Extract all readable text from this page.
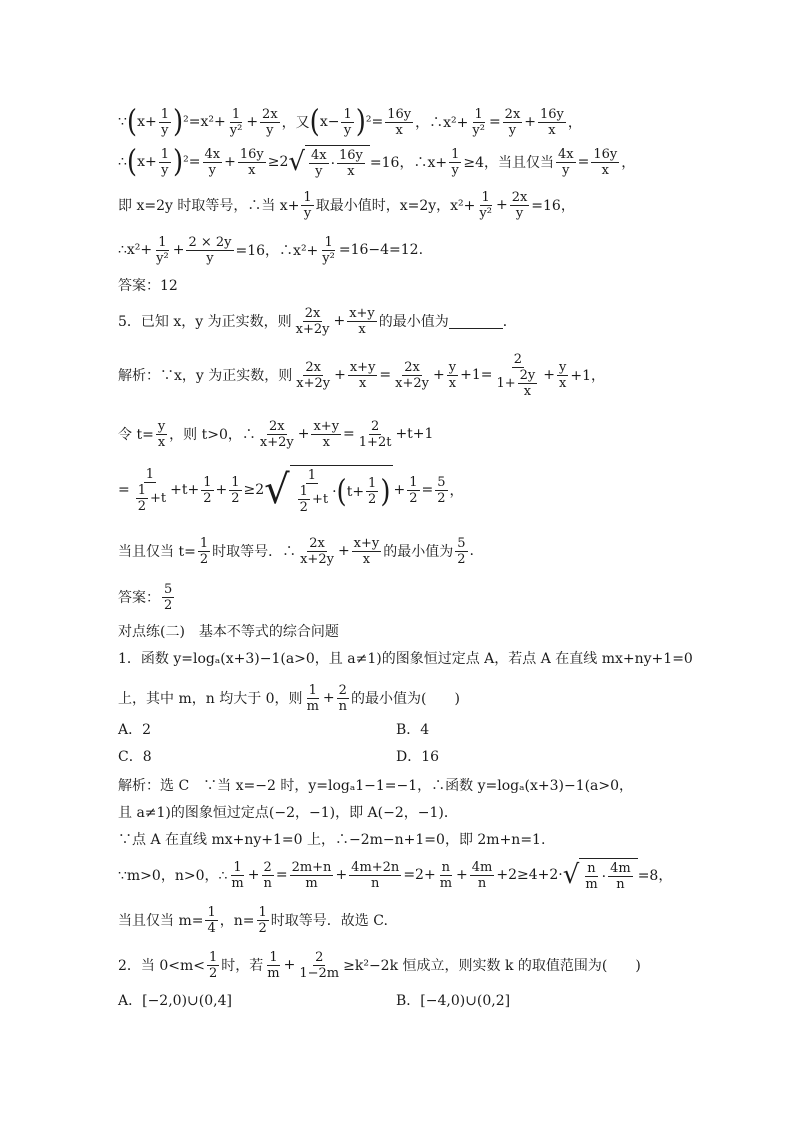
∵ ( $x+ \frac{1}{y}$ ) $^2=x^2+ \frac{1}{\text{y²}} + \frac{2x}{y}$ ，又 ( $x- \frac{1}{y}$ ) $^2= \frac{16y}{x}$ ，∴x²+ $\frac{1}{\text{y²}} = \frac{2x}{y} + \frac{16y}{x}$ ，
∴ ( $x+ \frac{1}{y}$ ) $^2= \frac{4x}{y} + \frac{16y}{x} \ge 2$ √ $\frac{4x}{y} \cdot \frac{16y}{x} =16$，∴x+ $\frac{1}{y} \ge 4$，当且仅当 $\frac{4x}{y} = \frac{16y}{x}$ ，
即 x=2y 时取等号，∴当 $x+ \frac{1}{y}$ 取最小值时，x=2y，$x^2+ \frac{1}{\text{y²}} + \frac{2x}{y} =16$，
∴x²+ $\frac{1}{\text{y²}} + \frac{2 \times 2y}{y} =16$，∴x²+ $\frac{1}{\text{y²}} =16-4=12$.
答案：12
5．已知 x，y 为正实数，则 $\frac{2x}{x+2y} + \frac{x+y}{x}$ 的最小值为	．
解析：∵x，y 为正实数，则 $\frac{2x}{x+2y} + \frac{x+y}{x} = \frac{2x}{x+2y} + \frac{y}{x} +1= \frac{2}{1+ \frac{2y}{x}} + \frac{y}{x} +1$，
令 $t= \frac{y}{x}$ ，则 t>0，∴ $\frac{2x}{x+2y} + \frac{x+y}{x} = \frac{2}{1+2t} +t+1$
= $\frac{1}{\frac{1}{2} +t} +t+ \frac{1}{2} + \frac{1}{2} \ge 2$ √ $\frac{1}{\frac{1}{2} +t}$ · ( $t+ \frac{1}{2}$ ) + $\frac{1}{2} = \frac{5}{2}$ ，
当且仅当 $t= \frac{1}{2}$ 时取等号．∴ $\frac{2x}{x+2y} + \frac{x+y}{x}$ 的最小值为 $\frac{5}{2}$ .
答案： $\frac{5}{2}$
对点练(二)　基本不等式的综合问题
1．函数 y=logₐ(x+3)−1(a>0，且 a≠1)的图象恒过定点 A，若点 A 在直线 mx+ny+1=0
上，其中 m，n 均大于 0，则 $\frac{1}{m} + \frac{2}{n}$ 的最小值为(　　)
A．2	B．4
C．8	D．16
解析：选 C　∵当 x=−2 时，y=logₐ1−1=−1，∴函数 y=logₐ(x+3)−1(a>0，
且 a≠1)的图象恒过定点(−2，−1)，即 A(−2，−1)．
∵点 A 在直线 mx+ny+1=0 上，∴−2m−n+1=0，即 2m+n=1.
∵m>0，n>0，∴ $\frac{1}{m} + \frac{2}{n} = \frac{2m+n}{m} + \frac{4m+2n}{n} =2+ \frac{n}{m} + \frac{4m}{n} +2\ge 4+2\cdot$ √ $\frac{n}{m} \cdot \frac{4m}{n} =8$，
当且仅当 $m= \frac{1}{4}$ ，$n= \frac{1}{2}$ 时取等号．故选 C.
2．当 $0<m< \frac{1}{2}$ 时，若 $\frac{1}{m} + \frac{2}{1-2m} \ge k^2-2k$ 恒成立，则实数 k 的取值范围为(　　)
A．[−2,0)∪(0,4]	B．[−4,0)∪(0,2]
